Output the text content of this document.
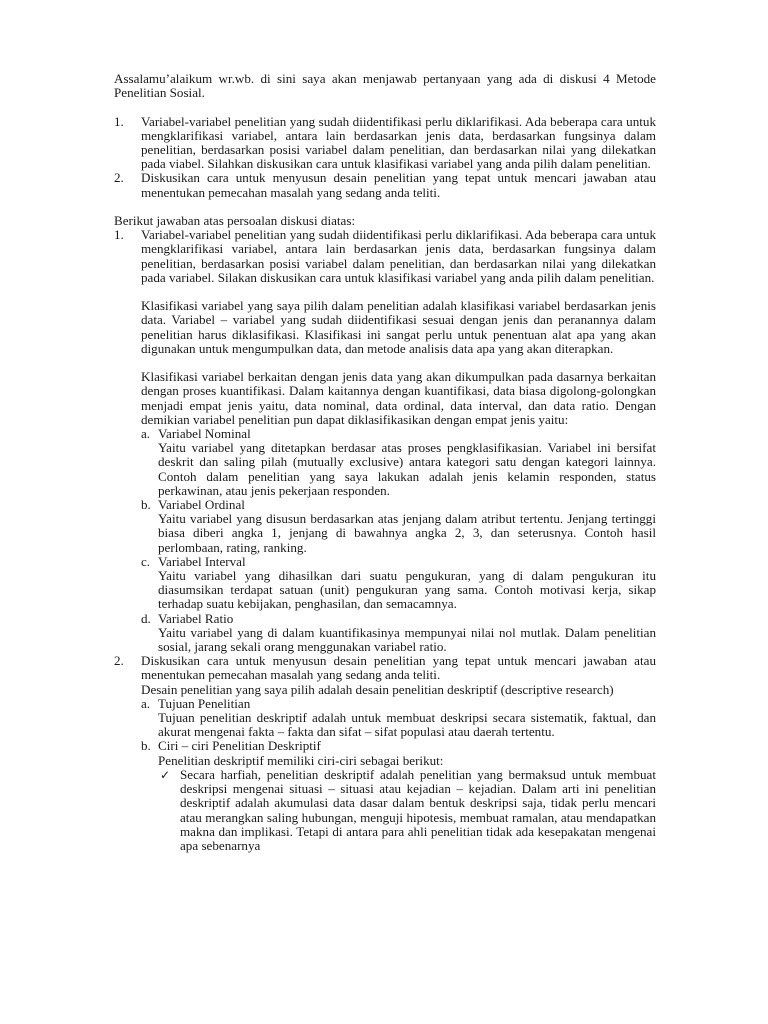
Assalamu’alaikum wr.wb. di sini saya akan menjawab pertanyaan yang ada di diskusi 4 Metode Penelitian Sosial.

1. Variabel-variabel penelitian yang sudah diidentifikasi perlu diklarifikasi. Ada beberapa cara untuk mengklarifikasi variabel, antara lain berdasarkan jenis data, berdasarkan fungsinya dalam penelitian, berdasarkan posisi variabel dalam penelitian, dan berdasarkan nilai yang dilekatkan pada viabel. Silahkan diskusikan cara untuk klasifikasi variabel yang anda pilih dalam penelitian.

2. Diskusikan cara untuk menyusun desain penelitian yang tepat untuk mencari jawaban atau menentukan pemecahan masalah yang sedang anda teliti.

Berikut jawaban atas persoalan diskusi diatas:

1. Variabel-variabel penelitian yang sudah diidentifikasi perlu diklarifikasi. Ada beberapa cara untuk mengklarifikasi variabel, antara lain berdasarkan jenis data, berdasarkan fungsinya dalam penelitian, berdasarkan posisi variabel dalam penelitian, dan berdasarkan nilai yang dilekatkan pada variabel. Silakan diskusikan cara untuk klasifikasi variabel yang anda pilih dalam penelitian.

Klasifikasi variabel yang saya pilih dalam penelitian adalah klasifikasi variabel berdasarkan jenis data. Variabel – variabel yang sudah diidentifikasi sesuai dengan jenis dan peranannya dalam penelitian harus diklasifikasi. Klasifikasi ini sangat perlu untuk penentuan alat apa yang akan digunakan untuk mengumpulkan data, dan metode analisis data apa yang akan diterapkan.

Klasifikasi variabel berkaitan dengan jenis data yang akan dikumpulkan pada dasarnya berkaitan dengan proses kuantifikasi. Dalam kaitannya dengan kuantifikasi, data biasa digolong-golongkan menjadi empat jenis yaitu, data nominal, data ordinal, data interval, dan data ratio. Dengan demikian variabel penelitian pun dapat diklasifikasikan dengan empat jenis yaitu:

a. Variabel Nominal

Yaitu variabel yang ditetapkan berdasar atas proses pengklasifikasian. Variabel ini bersifat deskrit dan saling pilah (mutually exclusive) antara kategori satu dengan kategori lainnya. Contoh dalam penelitian yang saya lakukan adalah jenis kelamin responden, status perkawinan, atau jenis pekerjaan responden.

b. Variabel Ordinal

Yaitu variabel yang disusun berdasarkan atas jenjang dalam atribut tertentu. Jenjang tertinggi biasa diberi angka 1, jenjang di bawahnya angka 2, 3, dan seterusnya. Contoh hasil perlombaan, rating, ranking.

c. Variabel Interval

Yaitu variabel yang dihasilkan dari suatu pengukuran, yang di dalam pengukuran itu diasumsikan terdapat satuan (unit) pengukuran yang sama. Contoh motivasi kerja, sikap terhadap suatu kebijakan, penghasilan, dan semacamnya.

d. Variabel Ratio

Yaitu variabel yang di dalam kuantifikasinya mempunyai nilai nol mutlak. Dalam penelitian sosial, jarang sekali orang menggunakan variabel ratio.

2. Diskusikan cara untuk menyusun desain penelitian yang tepat untuk mencari jawaban atau menentukan pemecahan masalah yang sedang anda teliti.

Desain penelitian yang saya pilih adalah desain penelitian deskriptif (descriptive research)

a. Tujuan Penelitian

Tujuan penelitian deskriptif adalah untuk membuat deskripsi secara sistematik, faktual, dan akurat mengenai fakta – fakta dan sifat – sifat populasi atau daerah tertentu.

b. Ciri – ciri Penelitian Deskriptif

Penelitian deskriptif memiliki ciri-ciri sebagai berikut:

✓ Secara harfiah, penelitian deskriptif adalah penelitian yang bermaksud untuk membuat deskripsi mengenai situasi – situasi atau kejadian – kejadian. Dalam arti ini penelitian deskriptif adalah akumulasi data dasar dalam bentuk deskripsi saja, tidak perlu mencari atau merangkan saling hubungan, menguji hipotesis, membuat ramalan, atau mendapatkan makna dan implikasi. Tetapi di antara para ahli penelitian tidak ada kesepakatan mengenai apa sebenarnya
